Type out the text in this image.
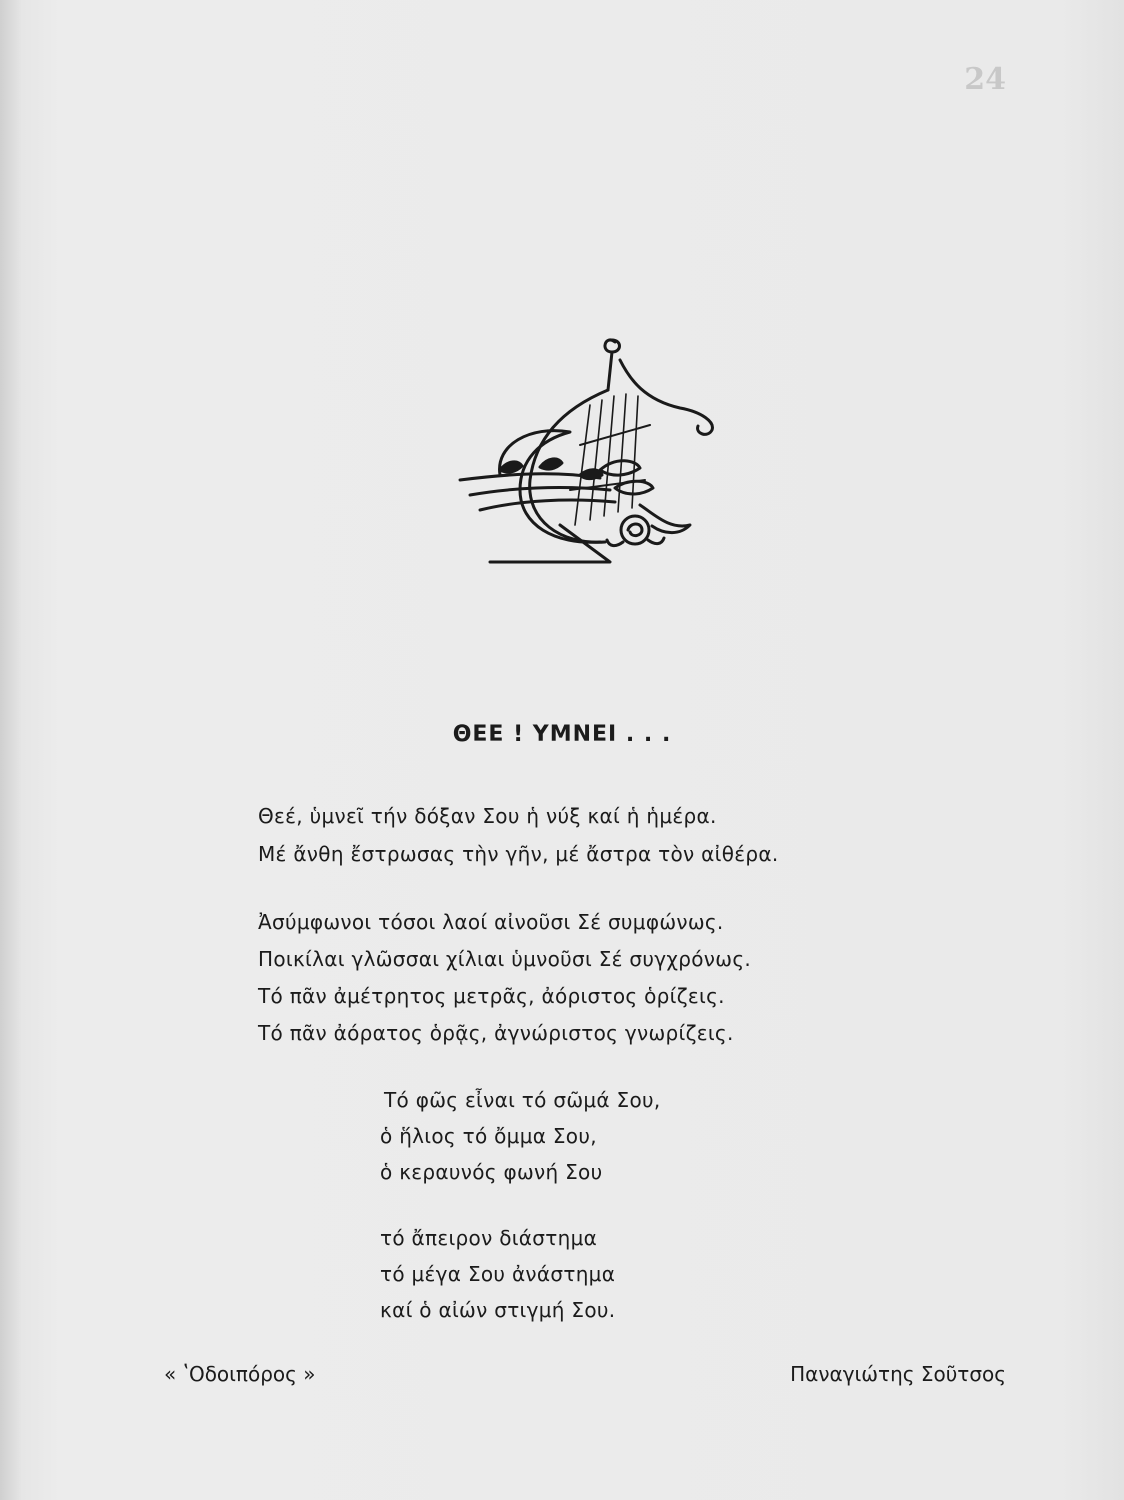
24
ΘΕΕ ! ΥΜΝΕΙ . . .
Θεέ, ὑμνεῖ τήν δόξαν Σου ἡ νύξ καί ἡ ἡμέρα.
Μέ ἄνθη ἔστρωσας τὴν γῆν, μέ ἄστρα τὸν αἰθέρα.
Ἀσύμφωνοι τόσοι λαοί αἰνοῦσι Σέ συμφώνως.
Ποικίλαι γλῶσσαι χίλιαι ὑμνοῦσι Σέ συγχρόνως.
Τό πᾶν ἀμέτρητος μετρᾶς, ἀόριστος ὁρίζεις.
Τό πᾶν ἀόρατος ὁρᾷς, ἀγνώριστος γνωρίζεις.
Τό φῶς εἶναι τό σῶμά Σου,
ὁ ἥλιος τό ὄμμα Σου,
ὁ κεραυνός φωνή Σου
τό ἄπειρον διάστημα
τό μέγα Σου ἀνάστημα
καί ὁ αἰών στιγμή Σου.
« ʽΟδοιπόρος »	Παναγιώτης Σοῦτσος
